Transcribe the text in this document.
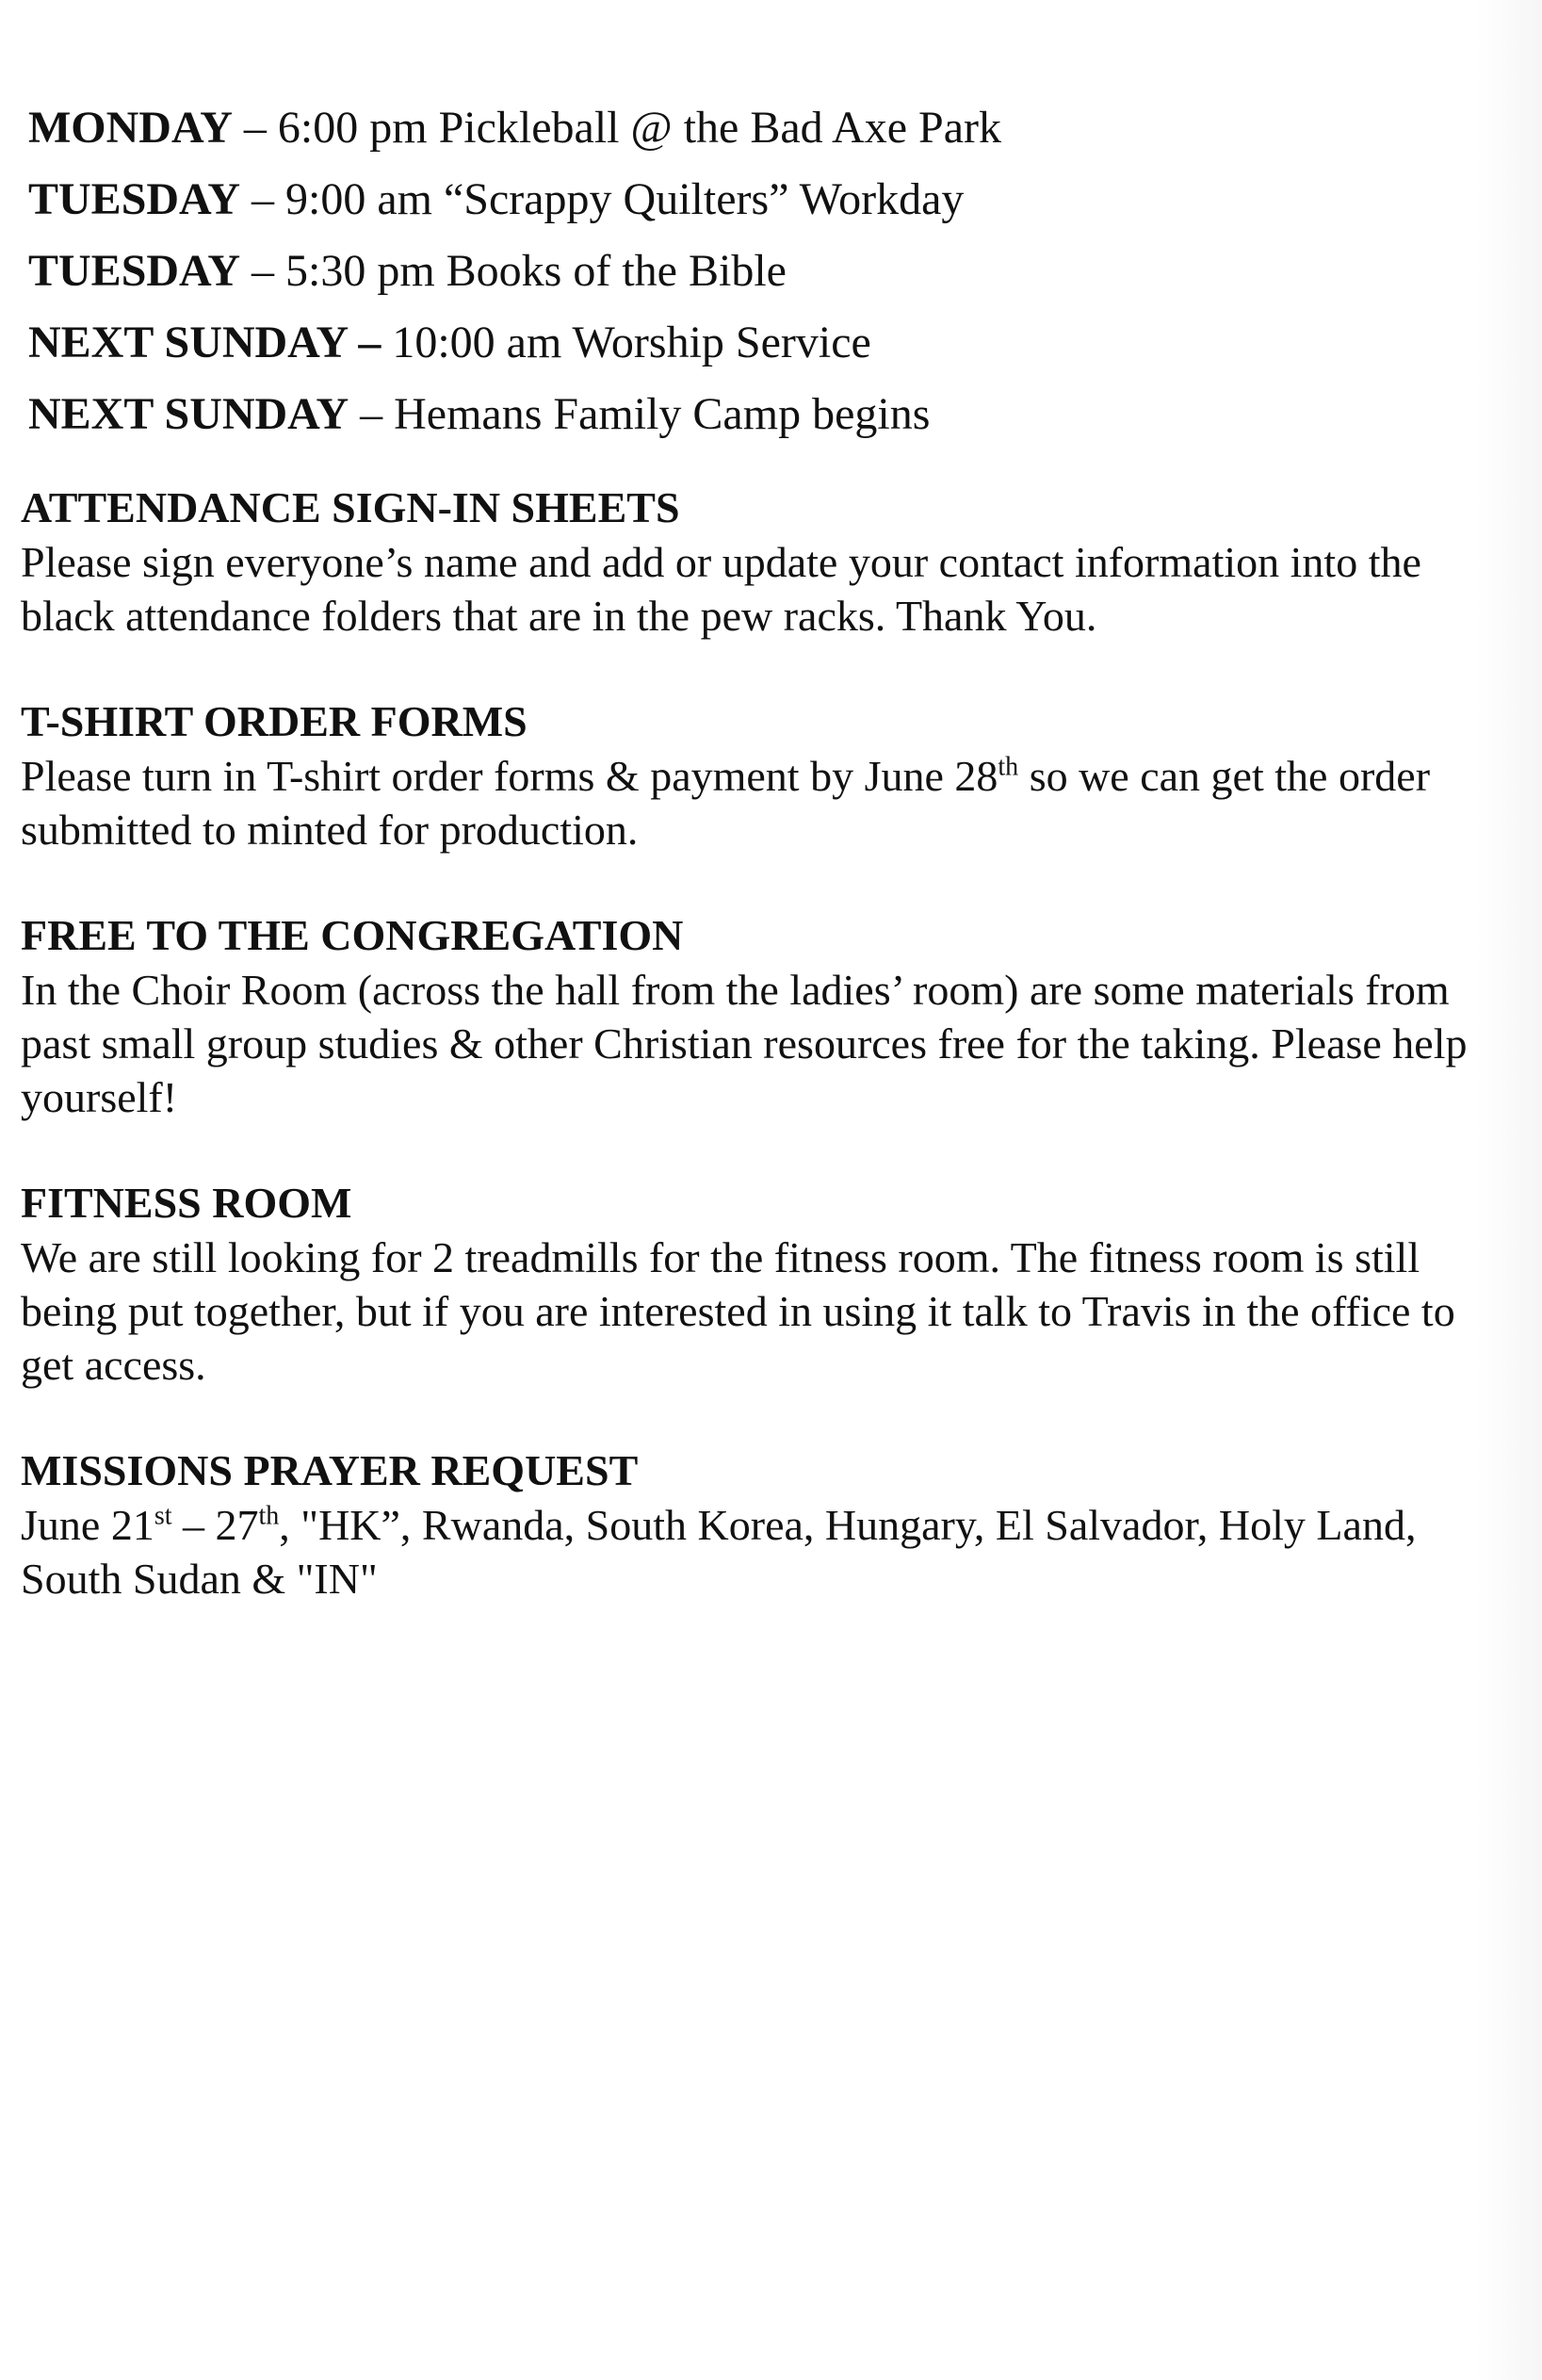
MONDAY – 6:00 pm Pickleball @ the Bad Axe Park
TUESDAY – 9:00 am “Scrappy Quilters” Workday
TUESDAY – 5:30 pm Books of the Bible
NEXT SUNDAY – 10:00 am Worship Service
NEXT SUNDAY – Hemans Family Camp begins
ATTENDANCE SIGN-IN SHEETS
Please sign everyone’s name and add or update your contact information into the black attendance folders that are in the pew racks. Thank You.
T-SHIRT ORDER FORMS
Please turn in T-shirt order forms & payment by June 28th so we can get the order submitted to minted for production.
FREE TO THE CONGREGATION
In the Choir Room (across the hall from the ladies’ room) are some materials from past small group studies & other Christian resources free for the taking. Please help yourself!
FITNESS ROOM
We are still looking for 2 treadmills for the fitness room. The fitness room is still being put together, but if you are interested in using it talk to Travis in the office to get access.
MISSIONS PRAYER REQUEST
June 21st – 27th, "HK”, Rwanda, South Korea, Hungary, El Salvador, Holy Land, South Sudan & "IN"
